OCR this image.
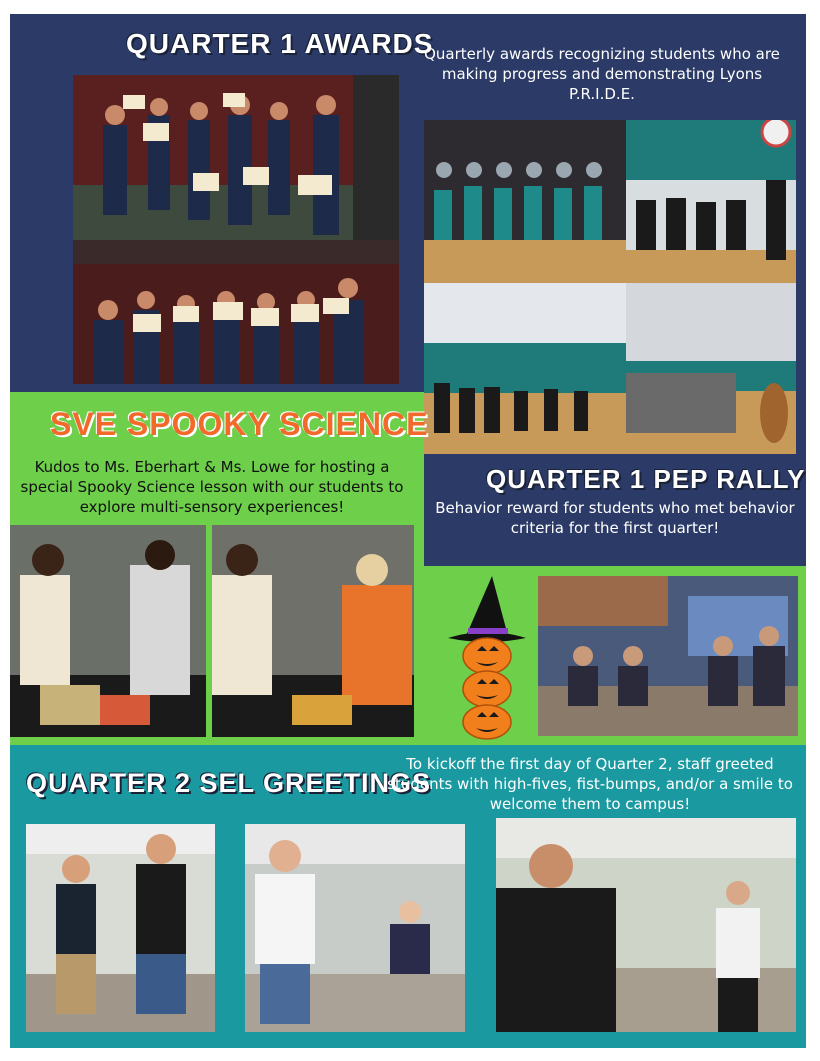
QUARTER 1 AWARDS
Quarterly awards recognizing students who are making progress and demonstrating Lyons P.R.I.D.E.
QUARTER 1 PEP RALLY
Behavior reward for students who met behavior criteria for the first quarter!
SVE SPOOKY SCIENCE
Kudos to Ms. Eberhart & Ms. Lowe for hosting a special Spooky Science lesson with our students to explore multi-sensory experiences!
QUARTER 2 SEL GREETINGS
To kickoff the first day of Quarter 2, staff greeted students with high-fives, fist-bumps, and/or a smile to welcome them to campus!
